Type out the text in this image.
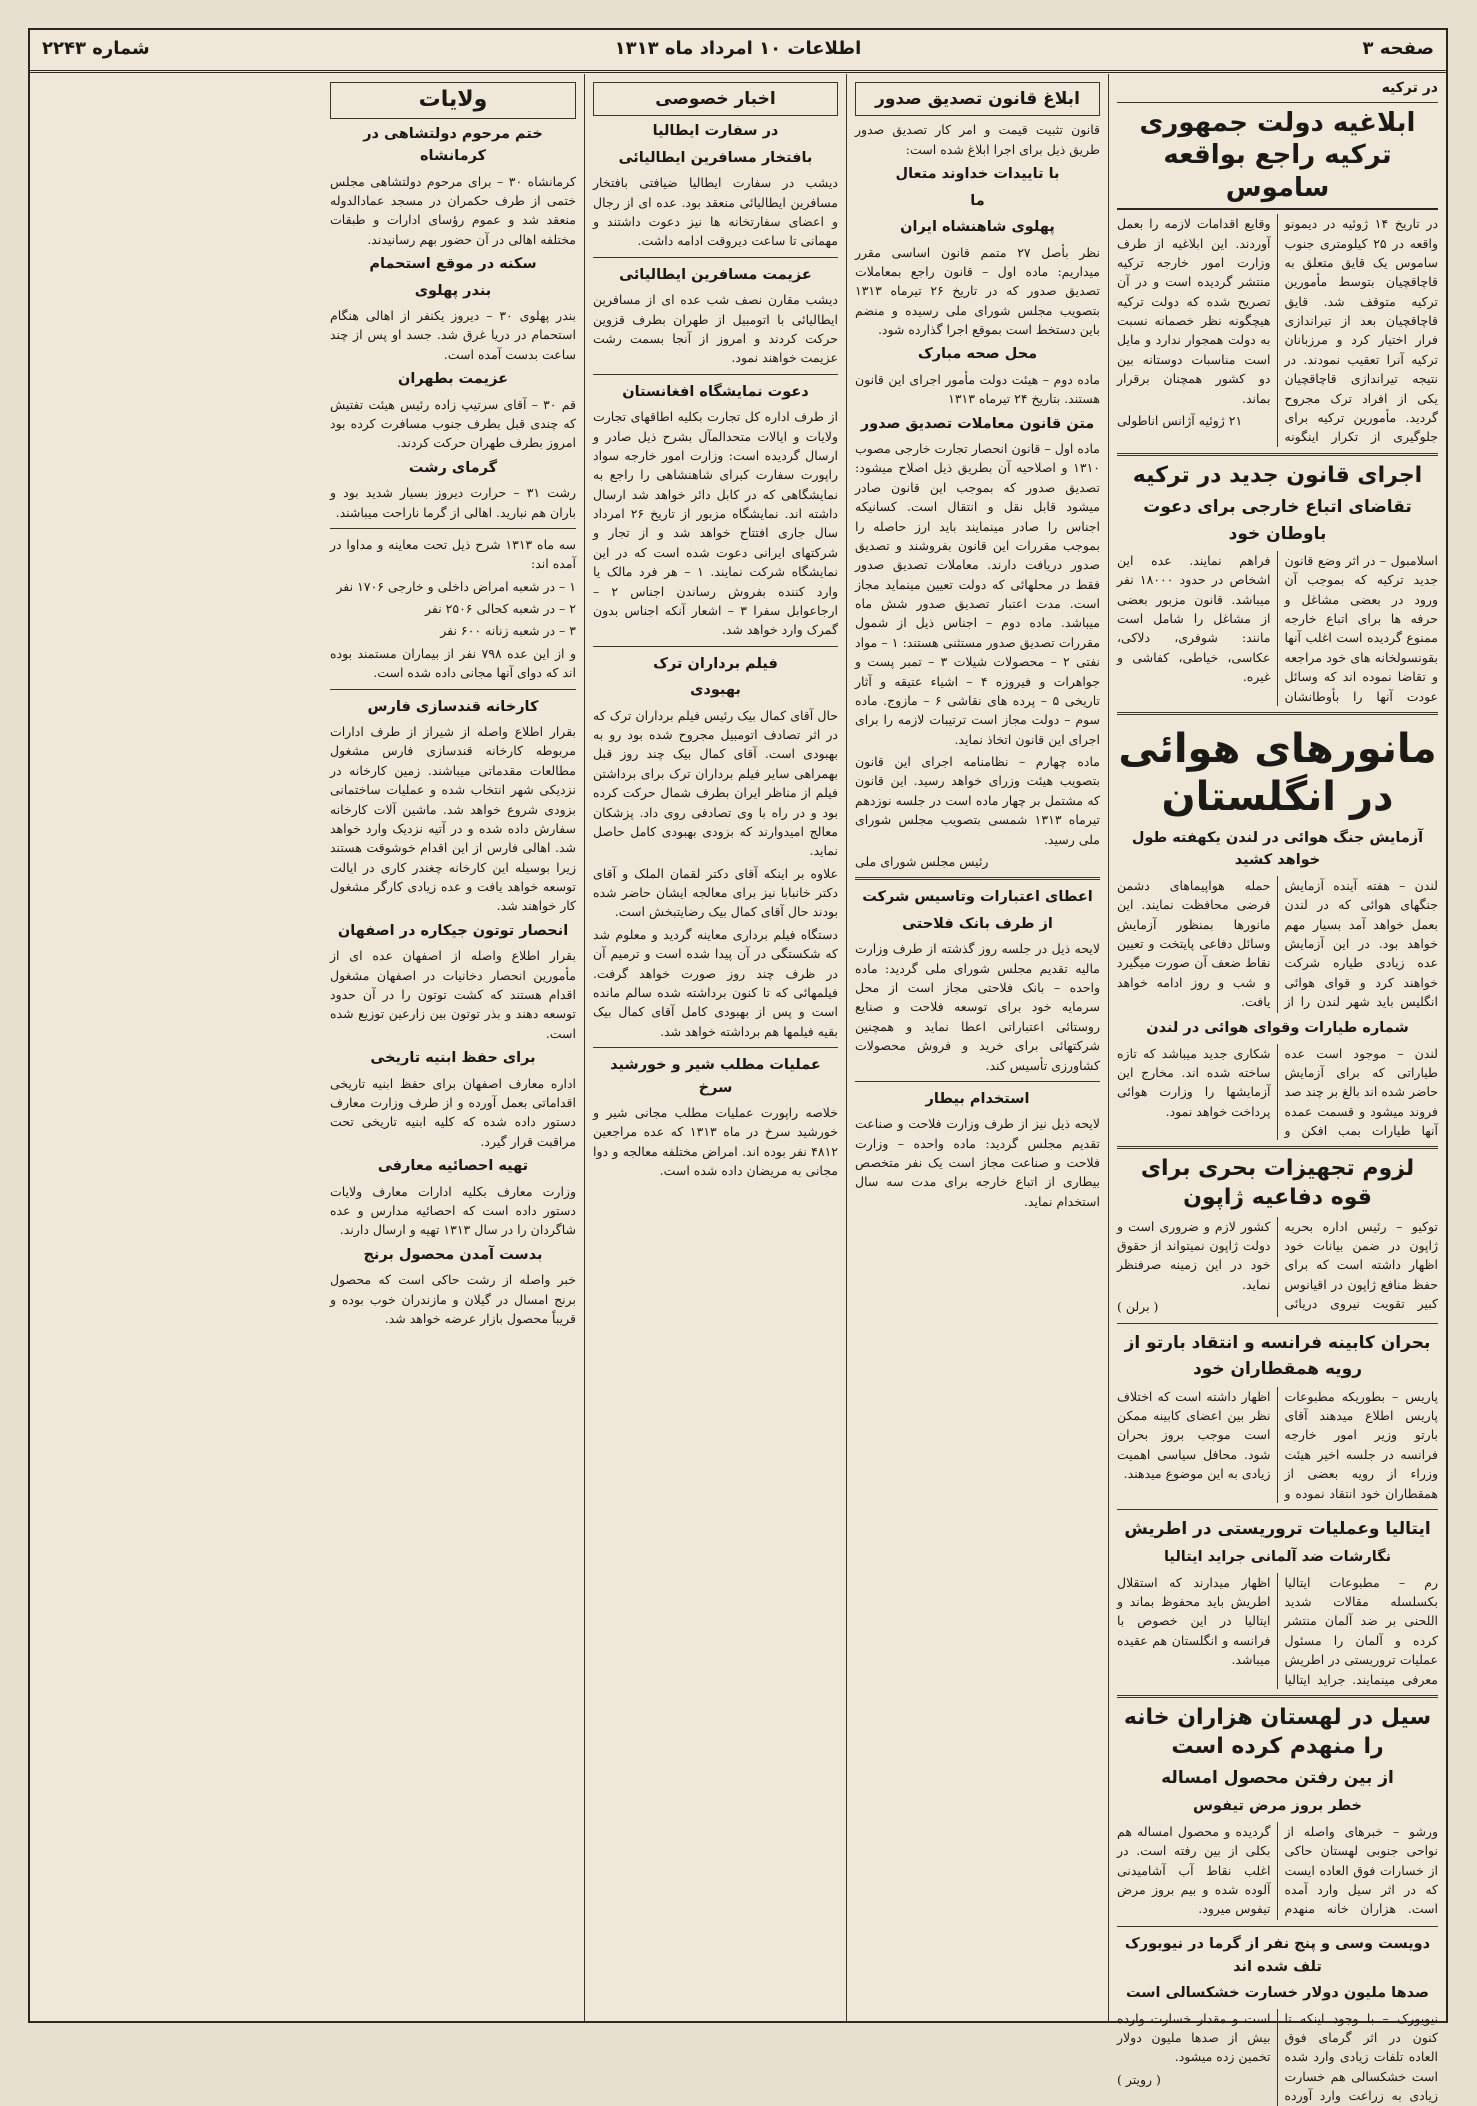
صفحه ۳
اطلاعات ۱۰ امرداد ماه ۱۳۱۳
شماره ۲۲۴۳
در ترکیه
ابلاغیه دولت جمهوری ترکیه راجع بواقعه ساموس

در تاریخ ۱۴ ژوئیه در دیمونو واقعه در ۲۵ کیلومتری جنوب ساموس یک قایق متعلق به قاچاقچیان بتوسط مأمورین ترکیه متوقف شد. قایق قاچاقچیان بعد از تیراندازی فرار اختیار کرد و مرزبانان ترکیه آنرا تعقیب نمودند. در نتیجه تیراندازی قاچاقچیان یکی از افراد ترک مجروح گردید. مأمورین ترکیه برای جلوگیری از تکرار اینگونه وقایع اقدامات لازمه را بعمل آوردند. این ابلاغیه از طرف وزارت امور خارجه ترکیه منتشر گردیده است و در آن تصریح شده که دولت ترکیه هیچگونه نظر خصمانه نسبت به دولت همجوار ندارد و مایل است مناسبات دوستانه بین دو کشور همچنان برقرار بماند.

۲۱ ژوئیه آژانس اناطولی
اجرای قانون جدید در ترکیه
تقاضای اتباع خارجی برای دعوت باوطان خود

اسلامبول – در اثر وضع قانون جدید ترکیه که بموجب آن ورود در بعضی مشاغل و حرفه ها برای اتباع خارجه ممنوع گردیده است اغلب آنها بقونسولخانه های خود مراجعه و تقاضا نموده اند که وسائل عودت آنها را بأوطانشان فراهم نمایند. عده این اشخاص در حدود ۱۸۰۰۰ نفر میباشد. قانون مزبور بعضی از مشاغل را شامل است مانند: شوفری، دلاکی، عکاسی، خیاطی، کفاشی و غیره.

مانورهای هوائی در انگلستان
آزمایش جنگ هوائی در لندن یکهفته طول خواهد کشید

لندن – هفته آینده آزمایش جنگهای هوائی که در لندن بعمل خواهد آمد بسیار مهم خواهد بود. در این آزمایش عده زیادی طیاره شرکت خواهند کرد و قوای هوائی انگلیس باید شهر لندن را از حمله هواپیماهای دشمن فرضی محافظت نمایند. این مانورها بمنظور آزمایش وسائل دفاعی پایتخت و تعیین نقاط ضعف آن صورت میگیرد و شب و روز ادامه خواهد یافت.

شماره طیارات وقوای هوائی در لندن

لندن – موجود است عده طیاراتی که برای آزمایش حاضر شده اند بالغ بر چند صد فروند میشود و قسمت عمده آنها طیارات بمب افکن و شکاری جدید میباشد که تازه ساخته شده اند. مخارج این آزمایشها را وزارت هوائی پرداخت خواهد نمود.

لزوم تجهیزات بحری برای قوه دفاعیه ژاپون

توکیو – رئیس اداره بحریه ژاپون در ضمن بیانات خود اظهار داشته است که برای حفظ منافع ژاپون در اقیانوس کبیر تقویت نیروی دریائی کشور لازم و ضروری است و دولت ژاپون نمیتواند از حقوق خود در این زمینه صرفنظر نماید.

( برلن )
بحران کابینه فرانسه و انتقاد بارتو از رویه همقطاران خود

پاریس – بطوریکه مطبوعات پاریس اطلاع میدهند آقای بارتو وزیر امور خارجه فرانسه در جلسه اخیر هیئت وزراء از رویه بعضی از همقطاران خود انتقاد نموده و اظهار داشته است که اختلاف نظر بین اعضای کابینه ممکن است موجب بروز بحران شود. محافل سیاسی اهمیت زیادی به این موضوع میدهند.

ایتالیا وعملیات تروریستی در اطریش
نگارشات ضد آلمانی جراید ایتالیا

رم – مطبوعات ایتالیا بکسلسله مقالات شدید اللحنی بر ضد آلمان منتشر کرده و آلمان را مسئول عملیات تروریستی در اطریش معرفی مینمایند. جراید ایتالیا اظهار میدارند که استقلال اطریش باید محفوظ بماند و ایتالیا در این خصوص با فرانسه و انگلستان هم عقیده میباشد.

سیل در لهستان هزاران خانه را منهدم کرده است
از بین رفتن محصول امساله
خطر بروز مرض تیفوس

ورشو – خبرهای واصله از نواحی جنوبی لهستان حاکی از خسارات فوق العاده ایست که در اثر سیل وارد آمده است. هزاران خانه منهدم گردیده و محصول امساله هم بکلی از بین رفته است. در اغلب نقاط آب آشامیدنی آلوده شده و بیم بروز مرض تیفوس میرود.

دویست وسی و پنج نفر از گرما در نیویورک تلف شده اند
صدها ملیون دولار خسارت خشکسالی است

نیویورک – با وجود اینکه تا کنون در اثر گرمای فوق العاده تلفات زیادی وارد شده است خشکسالی هم خسارت زیادی به زراعت وارد آورده است و مقدار خسارت وارده بیش از صدها ملیون دولار تخمین زده میشود.

( رویتر )
ابلاغ قانون تصدیق صدور

قانون تثبیت قیمت و امر کار تصدیق صدور طریق ذیل برای اجرا ابلاغ شده است:

با تاییدات خداوند متعال
ما
پهلوی شاهنشاه ایران

نظر بأصل ۲۷ متمم قانون اساسی مقرر میداریم: ماده اول – قانون راجع بمعاملات تصدیق صدور که در تاریخ ۲۶ تیرماه ۱۳۱۳ بتصویب مجلس شورای ملی رسیده و منضم باین دستخط است بموقع اجرا گذارده شود.

محل صحه مبارک

ماده دوم – هیئت دولت مأمور اجرای این قانون هستند. بتاریخ ۲۴ تیرماه ۱۳۱۳

متن قانون معاملات تصدیق صدور

ماده اول – قانون انحصار تجارت خارجی مصوب ۱۳۱۰ و اصلاحیه آن بطریق ذیل اصلاح میشود: تصدیق صدور که بموجب این قانون صادر میشود قابل نقل و انتقال است. کسانیکه اجناس را صادر مینمایند باید ارز حاصله را بموجب مقررات این قانون بفروشند و تصدیق صدور دریافت دارند. معاملات تصدیق صدور فقط در محلهائی که دولت تعیین مینماید مجاز است. مدت اعتبار تصدیق صدور شش ماه میباشد. ماده دوم – اجناس ذیل از شمول مقررات تصدیق صدور مستثنی هستند: ۱ – مواد نفتی ۲ – محصولات شیلات ۳ – تمبر پست و جواهرات و فیروزه ۴ – اشیاء عتیقه و آثار تاریخی ۵ – پرده های نقاشی ۶ – مازوج. ماده سوم – دولت مجاز است ترتیبات لازمه را برای اجرای این قانون اتخاذ نماید.

ماده چهارم – نظامنامه اجرای این قانون بتصویب هیئت وزرای خواهد رسید. این قانون که مشتمل بر چهار ماده است در جلسه نوزدهم تیرماه ۱۳۱۳ شمسی بتصویب مجلس شورای ملی رسید.

رئیس مجلس شورای ملی
اعطای اعتبارات وتاسیس شرکت
از طرف بانک فلاحتی

لایحه ذیل در جلسه روز گذشته از طرف وزارت مالیه تقدیم مجلس شورای ملی گردید: ماده واحده – بانک فلاحتی مجاز است از محل سرمایه خود برای توسعه فلاحت و صنایع روستائی اعتباراتی اعطا نماید و همچنین شرکتهائی برای خرید و فروش محصولات کشاورزی تأسیس کند.

استخدام بیطار

لایحه ذیل نیز از طرف وزارت فلاحت و صناعت تقدیم مجلس گردید: ماده واحده – وزارت فلاحت و صناعت مجاز است یک نفر متخصص بیطاری از اتباع خارجه برای مدت سه سال استخدام نماید.

اخبار خصوصی
در سفارت ایطالیا
بافتخار مسافرین ایطالیائی

دیشب در سفارت ایطالیا ضیافتی بافتخار مسافرین ایطالیائی منعقد بود. عده ای از رجال و اعضای سفارتخانه ها نیز دعوت داشتند و مهمانی تا ساعت دیروقت ادامه داشت.

عزیمت مسافرین ایطالیائی

دیشب مقارن نصف شب عده ای از مسافرین ایطالیائی با اتومبیل از طهران بطرف قزوین حرکت کردند و امروز از آنجا بسمت رشت عزیمت خواهند نمود.

دعوت نمایشگاه افغانستان

از طرف اداره کل تجارت بکلیه اطاقهای تجارت ولایات و ایالات متحدالمآل بشرح ذیل صادر و ارسال گردیده است: وزارت امور خارجه سواد راپورت سفارت کبرای شاهنشاهی را راجع به نمایشگاهی که در کابل دائر خواهد شد ارسال داشته اند. نمایشگاه مزبور از تاریخ ۲۶ امرداد سال جاری افتتاح خواهد شد و از تجار و شرکتهای ایرانی دعوت شده است که در این نمایشگاه شرکت نمایند. ۱ – هر فرد مالک یا وارد کننده بفروش رساندن اجناس ۲ – ارجاعوابل سفرا ۳ – اشعار آنکه اجناس بدون گمرک وارد خواهد شد.

فیلم برداران ترک
بهبودی

حال آقای کمال بیک رئیس فیلم برداران ترک که در اثر تصادف اتومبیل مجروح شده بود رو به بهبودی است. آقای کمال بیک چند روز قبل بهمراهی سایر فیلم برداران ترک برای برداشتن فیلم از مناظر ایران بطرف شمال حرکت کرده بود و در راه با وی تصادفی روی داد. پزشکان معالج امیدوارند که بزودی بهبودی کامل حاصل نماید.

علاوه بر اینکه آقای دکتر لقمان الملک و آقای دکتر خانبابا نیز برای معالجه ایشان حاضر شده بودند حال آقای کمال بیک رضایتبخش است.

دستگاه فیلم برداری معاینه گردید و معلوم شد که شکستگی در آن پیدا شده است و ترمیم آن در ظرف چند روز صورت خواهد گرفت. فیلمهائی که تا کنون برداشته شده سالم مانده است و پس از بهبودی کامل آقای کمال بیک بقیه فیلمها هم برداشته خواهد شد.

عملیات مطلب شیر و خورشید سرخ

خلاصه راپورت عملیات مطلب مجانی شیر و خورشید سرخ در ماه ۱۳۱۳ که عده مراجعین ۴۸۱۲ نفر بوده اند. امراض مختلفه معالجه و دوا مجانی به مریضان داده شده است.

ولایات
ختم مرحوم دولتشاهی در کرمانشاه

کرمانشاه ۳۰ – برای مرحوم دولتشاهی مجلس ختمی از طرف حکمران در مسجد عمادالدوله منعقد شد و عموم رؤسای ادارات و طبقات مختلفه اهالی در آن حضور بهم رسانیدند.

سکنه در موقع استحمام
بندر پهلوی

بندر پهلوی ۳۰ – دیروز یکنفر از اهالی هنگام استحمام در دریا غرق شد. جسد او پس از چند ساعت بدست آمده است.

عزیمت بطهران

قم ۳۰ – آقای سرتیپ زاده رئیس هیئت تفتیش که چندی قبل بطرف جنوب مسافرت کرده بود امروز بطرف طهران حرکت کردند.

گرمای رشت

رشت ۳۱ – حرارت دیروز بسیار شدید بود و باران هم نبارید. اهالی از گرما ناراحت میباشند.

سه ماه ۱۳۱۳ شرح ذیل تحت معاینه و مداوا در آمده اند:

۱ – در شعبه امراض داخلی و خارجی ۱۷۰۶ نفر

۲ – در شعبه کحالی ۲۵۰۶ نفر

۳ – در شعبه زنانه ۶۰۰ نفر

و از این عده ۷۹۸ نفر از بیماران مستمند بوده اند که دوای آنها مجانی داده شده است.

کارخانه قندسازی فارس

بقرار اطلاع واصله از شیراز از طرف ادارات مربوطه کارخانه قندسازی فارس مشغول مطالعات مقدماتی میباشند. زمین کارخانه در نزدیکی شهر انتخاب شده و عملیات ساختمانی بزودی شروع خواهد شد. ماشین آلات کارخانه سفارش داده شده و در آتیه نزدیک وارد خواهد شد. اهالی فارس از این اقدام خوشوقت هستند زیرا بوسیله این کارخانه چغندر کاری در ایالت توسعه خواهد یافت و عده زیادی کارگر مشغول کار خواهند شد.

انحصار توتون جیکاره در اصفهان

بقرار اطلاع واصله از اصفهان عده ای از مأمورین انحصار دخانیات در اصفهان مشغول اقدام هستند که کشت توتون را در آن حدود توسعه دهند و بذر توتون بین زارعین توزیع شده است.

برای حفظ ابنیه تاریخی

اداره معارف اصفهان برای حفظ ابنیه تاریخی اقداماتی بعمل آورده و از طرف وزارت معارف دستور داده شده که کلیه ابنیه تاریخی تحت مراقبت قرار گیرد.

تهیه احصائیه معارفی

وزارت معارف بکلیه ادارات معارف ولایات دستور داده است که احصائیه مدارس و عده شاگردان را در سال ۱۳۱۳ تهیه و ارسال دارند.

بدست آمدن محصول برنج

خبر واصله از رشت حاکی است که محصول برنج امسال در گیلان و مازندران خوب بوده و قریباً محصول بازار عرضه خواهد شد.
